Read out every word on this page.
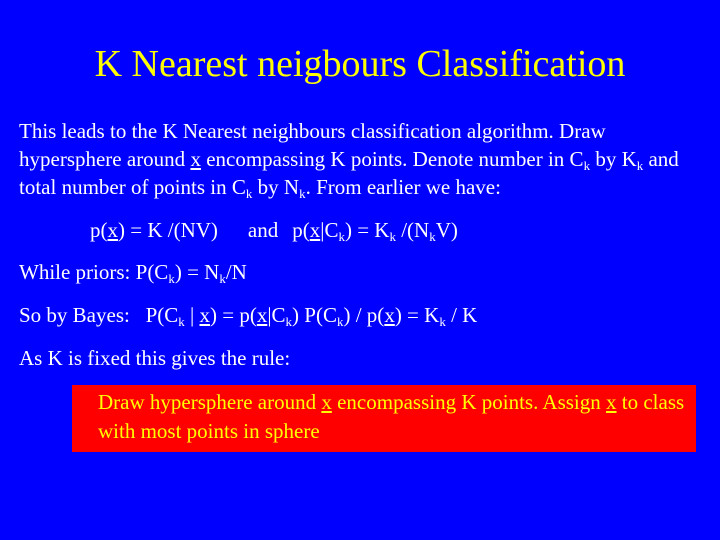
K Nearest neigbours Classification
This leads to the K Nearest neighbours classification algorithm. Draw hypersphere around x encompassing K points. Denote number in $C_k$ by $K_k$ and total number of points in $C_k$ by $N_k$. From earlier we have:
p(x) = K /(NV) and $p(x|C_k) = K_k$ $/(N_kV)$
While priors: $P(C_k) = N_k/N$
So by Bayes:   $P(C_k$ | $x) = p(x|C_k)$ $P(C_k) / p(x) = K_k / K$
As K is fixed this gives the rule:
Draw hypersphere around x encompassing K points. Assign x to class with most points in sphere
